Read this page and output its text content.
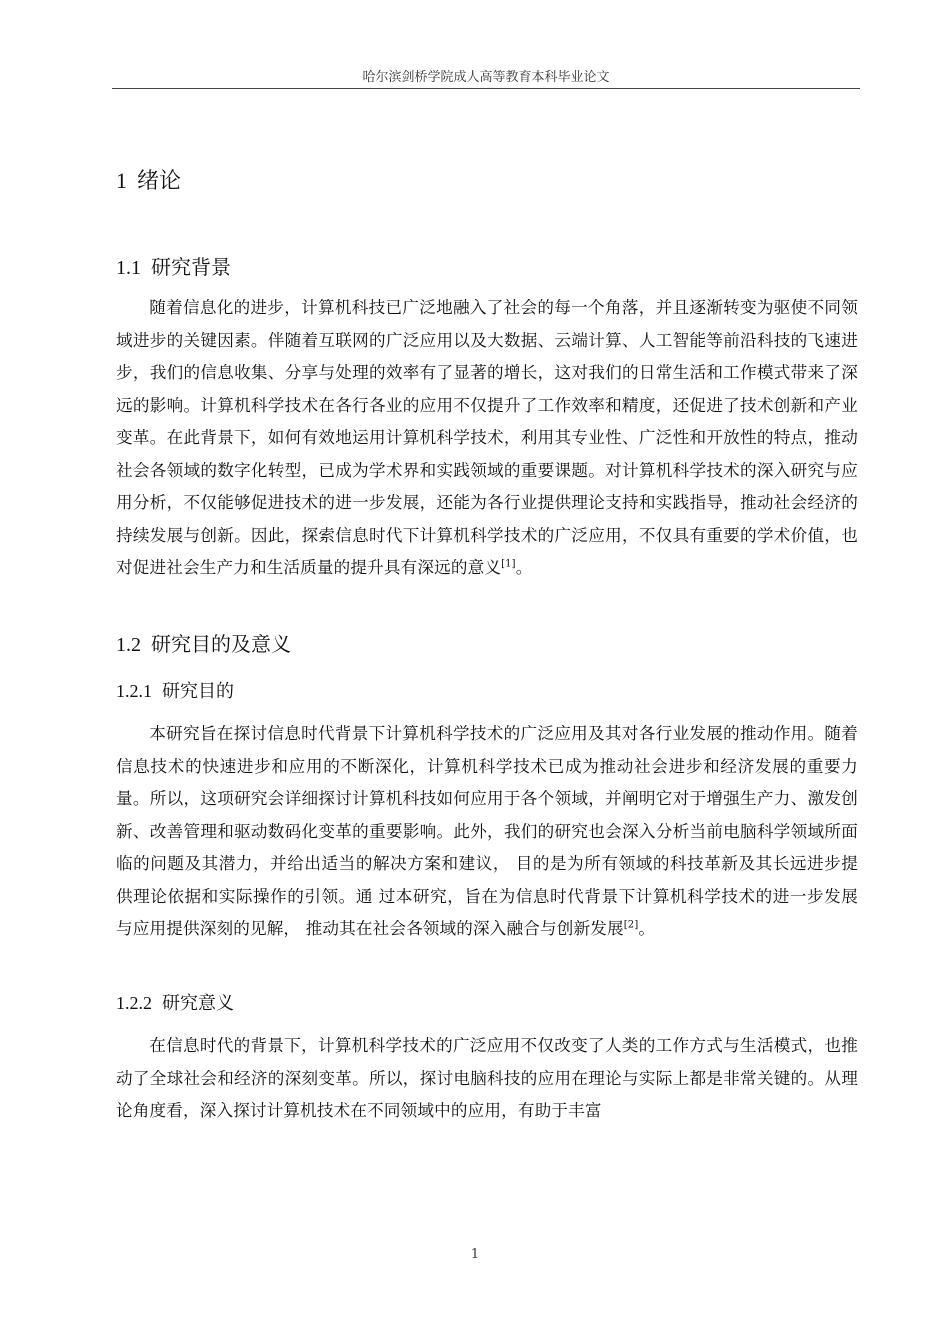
哈尔滨剑桥学院成人高等教育本科毕业论文
1 绪论
1.1 研究背景
随着信息化的进步，计算机科技已广泛地融入了社会的每一个角落，并且逐渐转变为驱使不同领域进步的关键因素。伴随着互联网的广泛应用以及大数据、云端计算、人工智能等前沿科技的飞速进步，我们的信息收集、分享与处理的效率有了显著的增长，这对我们的日常生活和工作模式带来了深远的影响。计算机科学技术在各行各业的应用不仅提升了工作效率和精度，还促进了技术创新和产业变革。在此背景下，如何有效地运用计算机科学技术，利用其专业性、广泛性和开放性的特点，推动社会各领域的数字化转型，已成为学术界和实践领域的重要课题。对计算机科学技术的深入研究与应用分析，不仅能够促进技术的进一步发展，还能为各行业提供理论支持和实践指导，推动社会经济的持续发展与创新。因此，探索信息时代下计算机科学技术的广泛应用，不仅具有重要的学术价值，也对促进社会生产力和生活质量的提升具有深远的意义[1]。
1.2 研究目的及意义
1.2.1 研究目的
本研究旨在探讨信息时代背景下计算机科学技术的广泛应用及其对各行业发展的推动作用。随着信息技术的快速进步和应用的不断深化，计算机科学技术已成为推动社会进步和经济发展的重要力量。所以，这项研究会详细探讨计算机科技如何应用于各个领域，并阐明它对于增强生产力、激发创新、改善管理和驱动数码化变革的重要影响。此外，我们的研究也会深入分析当前电脑科学领域所面临的问题及其潜力，并给出适当的解决方案和建议， 目的是为所有领域的科技革新及其长远进步提供理论依据和实际操作的引领。通 过本研究，旨在为信息时代背景下计算机科学技术的进一步发展与应用提供深刻的见解， 推动其在社会各领域的深入融合与创新发展[2]。
1.2.2 研究意义
在信息时代的背景下，计算机科学技术的广泛应用不仅改变了人类的工作方式与生活模式，也推动了全球社会和经济的深刻变革。所以，探讨电脑科技的应用在理论与实际上都是非常关键的。从理论角度看，深入探讨计算机技术在不同领域中的应用，有助于丰富
1
